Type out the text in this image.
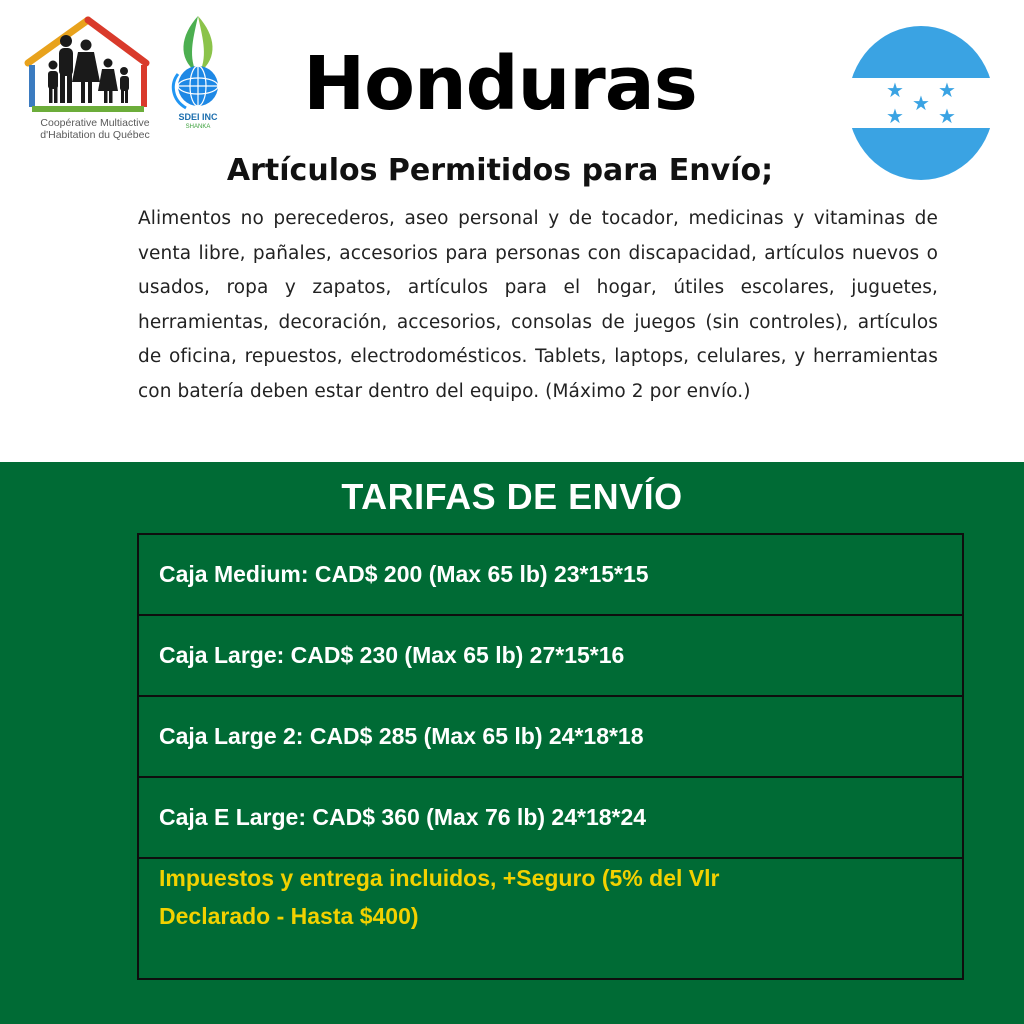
Coopérative Multiactive
d'Habitation du Québec
SDEI INC
SHANKA	Honduras	★ ★
★
★ ★
Artículos Permitidos para Envío;
Alimentos no perecederos, aseo personal y de tocador, medicinas y vitaminas de venta libre, pañales, accesorios para personas con discapacidad, artículos nuevos o usados, ropa y zapatos, artículos para el hogar, útiles escolares, juguetes, herramientas, decoración, accesorios, consolas de juegos (sin controles), artículos de oficina, repuestos, electrodomésticos. Tablets, laptops, celulares, y herramientas con batería deben estar dentro del equipo. (Máximo 2 por envío.)
TARIFAS DE ENVÍO
Caja Medium: CAD$ 200 (Max 65 lb) 23*15*15
Caja Large: CAD$ 230 (Max 65 lb) 27*15*16
Caja Large 2: CAD$ 285 (Max 65 lb) 24*18*18
Caja E Large: CAD$ 360 (Max 76 lb) 24*18*24
Impuestos y entrega incluidos, +Seguro (5% del Vlr
Declarado - Hasta $400)
